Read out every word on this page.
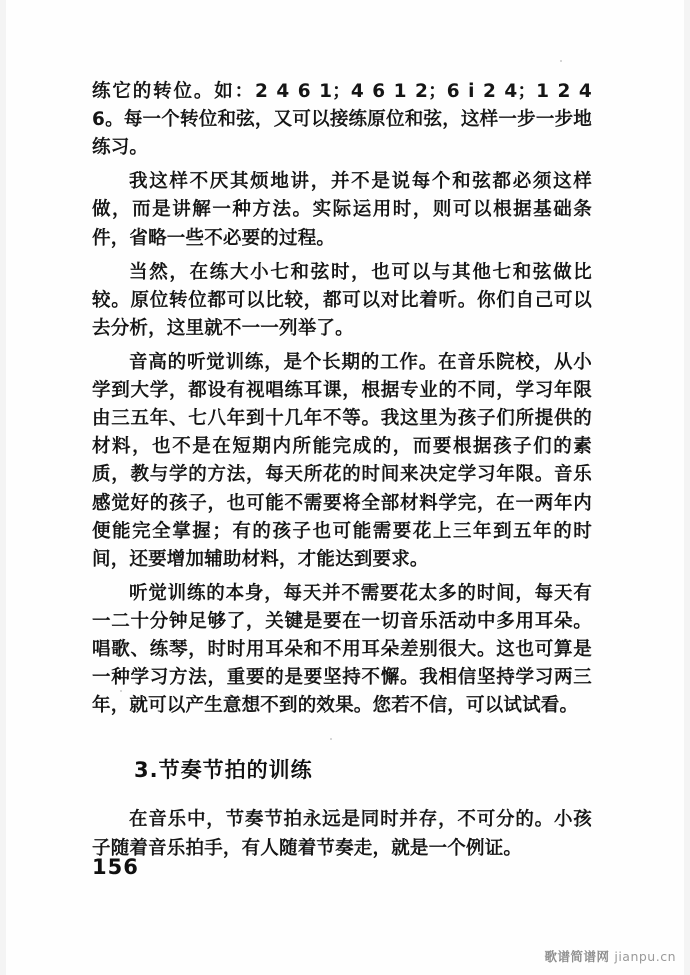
练它的转位。如：2 4 6 1；4 6 1 2；6 i 2 4；1 2 4 6。每一个转位和弦，又可以接练原位和弦，这样一步一步地练习。

我这样不厌其烦地讲，并不是说每个和弦都必须这样做，而是讲解一种方法。实际运用时，则可以根据基础条件，省略一些不必要的过程。

当然，在练大小七和弦时，也可以与其他七和弦做比较。原位转位都可以比较，都可以对比着听。你们自己可以去分析，这里就不一一列举了。

音高的听觉训练，是个长期的工作。在音乐院校，从小学到大学，都设有视唱练耳课，根据专业的不同，学习年限由三五年、七八年到十几年不等。我这里为孩子们所提供的材料，也不是在短期内所能完成的，而要根据孩子们的素质，教与学的方法，每天所花的时间来决定学习年限。音乐感觉好的孩子，也可能不需要将全部材料学完，在一两年内便能完全掌握；有的孩子也可能需要花上三年到五年的时间，还要增加辅助材料，才能达到要求。

听觉训练的本身，每天并不需要花太多的时间，每天有一二十分钟足够了，关键是要在一切音乐活动中多用耳朵。唱歌、练琴，时时用耳朵和不用耳朵差别很大。这也可算是一种学习方法，重要的是要坚持不懈。我相信坚持学习两三年，就可以产生意想不到的效果。您若不信，可以试试看。

3.节奏节拍的训练

在音乐中，节奏节拍永远是同时并存，不可分的。小孩子随着音乐拍手，有人随着节奏走，就是一个例证。

156
歌谱简谱网 jianpu.cn
